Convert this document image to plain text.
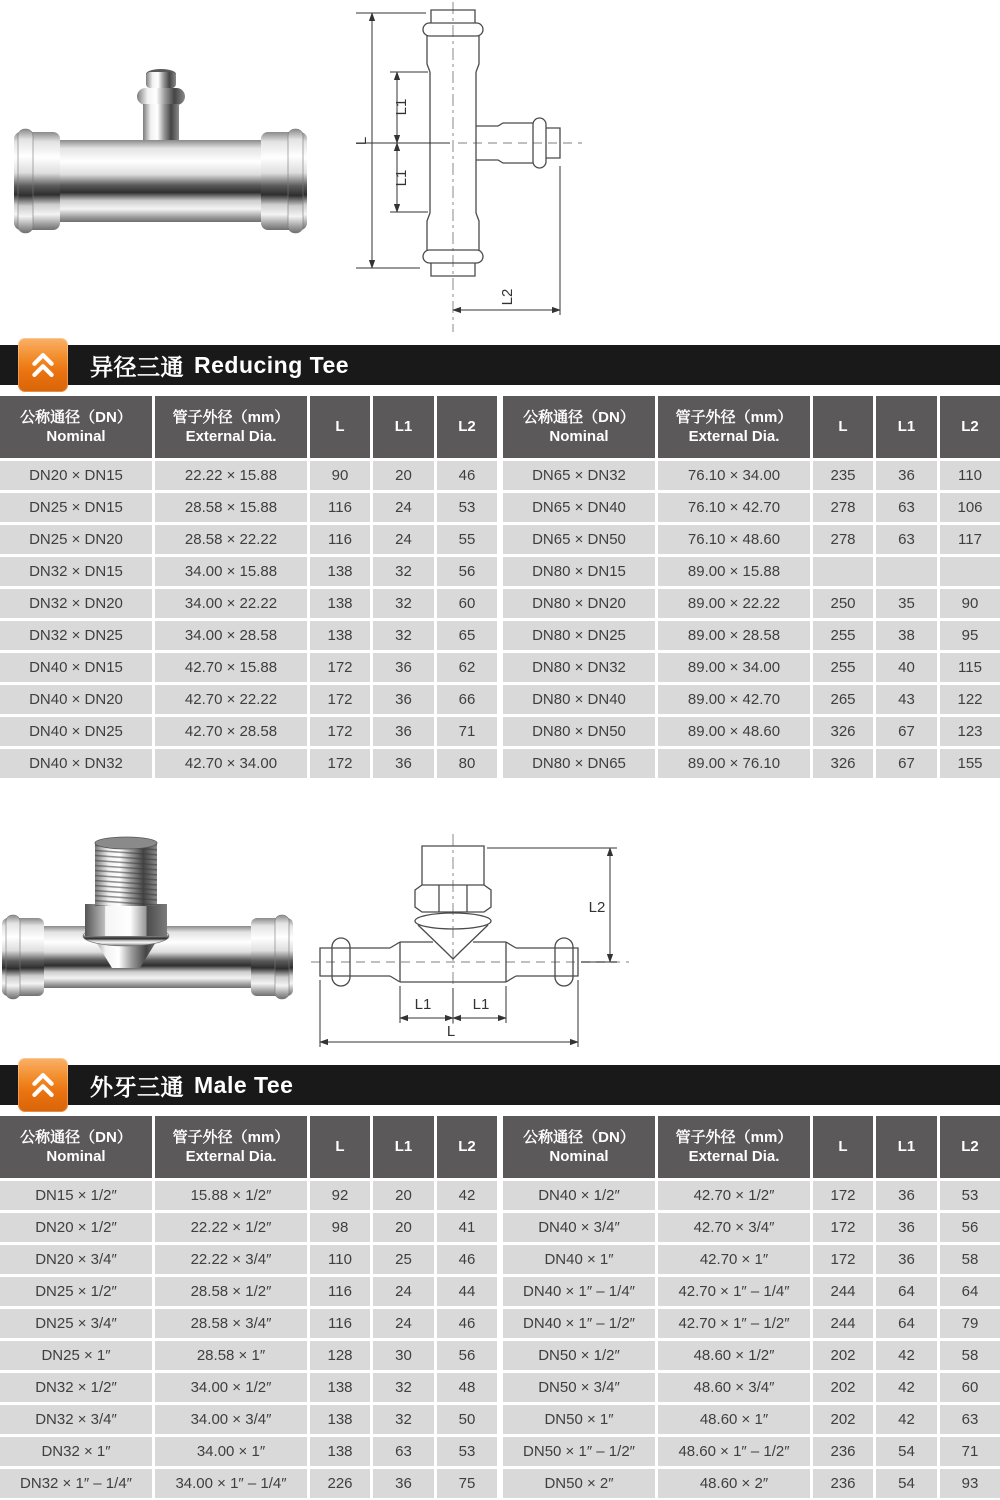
L
L1
L1
L2
异径三通 Reducing Tee
公称通径（DN）
Nominal
管子外径（mm）
External Dia.
L	L1	L2
DN20 × DN15	22.22 × 15.88	90	20	46
DN25 × DN15	28.58 × 15.88	116	24	53
DN25 × DN20	28.58 × 22.22	116	24	55
DN32 × DN15	34.00 × 15.88	138	32	56
DN32 × DN20	34.00 × 22.22	138	32	60
DN32 × DN25	34.00 × 28.58	138	32	65
DN40 × DN15	42.70 × 15.88	172	36	62
DN40 × DN20	42.70 × 22.22	172	36	66
DN40 × DN25	42.70 × 28.58	172	36	71
DN40 × DN32	42.70 × 34.00	172	36	80
公称通径（DN）
Nominal
管子外径（mm）
External Dia.
L	L1	L2
DN65 × DN32	76.10 × 34.00	235	36	110
DN65 × DN40	76.10 × 42.70	278	63	106
DN65 × DN50	76.10 × 48.60	278	63	117
DN80 × DN15	89.00 × 15.88
DN80 × DN20	89.00 × 22.22	250	35	90
DN80 × DN25	89.00 × 28.58	255	38	95
DN80 × DN32	89.00 × 34.00	255	40	115
DN80 × DN40	89.00 × 42.70	265	43	122
DN80 × DN50	89.00 × 48.60	326	67	123
DN80 × DN65	89.00 × 76.10	326	67	155
L2
L1	L1
L
外牙三通 Male Tee
公称通径（DN）
Nominal
管子外径（mm）
External Dia.
L	L1	L2
DN15 × 1/2″	15.88 × 1/2″	92	20	42
DN20 × 1/2″	22.22 × 1/2″	98	20	41
DN20 × 3/4″	22.22 × 3/4″	110	25	46
DN25 × 1/2″	28.58 × 1/2″	116	24	44
DN25 × 3/4″	28.58 × 3/4″	116	24	46
DN25 × 1″	28.58 × 1″	128	30	56
DN32 × 1/2″	34.00 × 1/2″	138	32	48
DN32 × 3/4″	34.00 × 3/4″	138	32	50
DN32 × 1″	34.00 × 1″	138	63	53
DN32 × 1″ – 1/4″	34.00 × 1″ – 1/4″	226	36	75
公称通径（DN）
Nominal
管子外径（mm）
External Dia.
L	L1	L2
DN40 × 1/2″	42.70 × 1/2″	172	36	53
DN40 × 3/4″	42.70 × 3/4″	172	36	56
DN40 × 1″	42.70 × 1″	172	36	58
DN40 × 1″ – 1/4″	42.70 × 1″ – 1/4″	244	64	64
DN40 × 1″ – 1/2″	42.70 × 1″ – 1/2″	244	64	79
DN50 × 1/2″	48.60 × 1/2″	202	42	58
DN50 × 3/4″	48.60 × 3/4″	202	42	60
DN50 × 1″	48.60 × 1″	202	42	63
DN50 × 1″ – 1/2″	48.60 × 1″ – 1/2″	236	54	71
DN50 × 2″	48.60 × 2″	236	54	93
